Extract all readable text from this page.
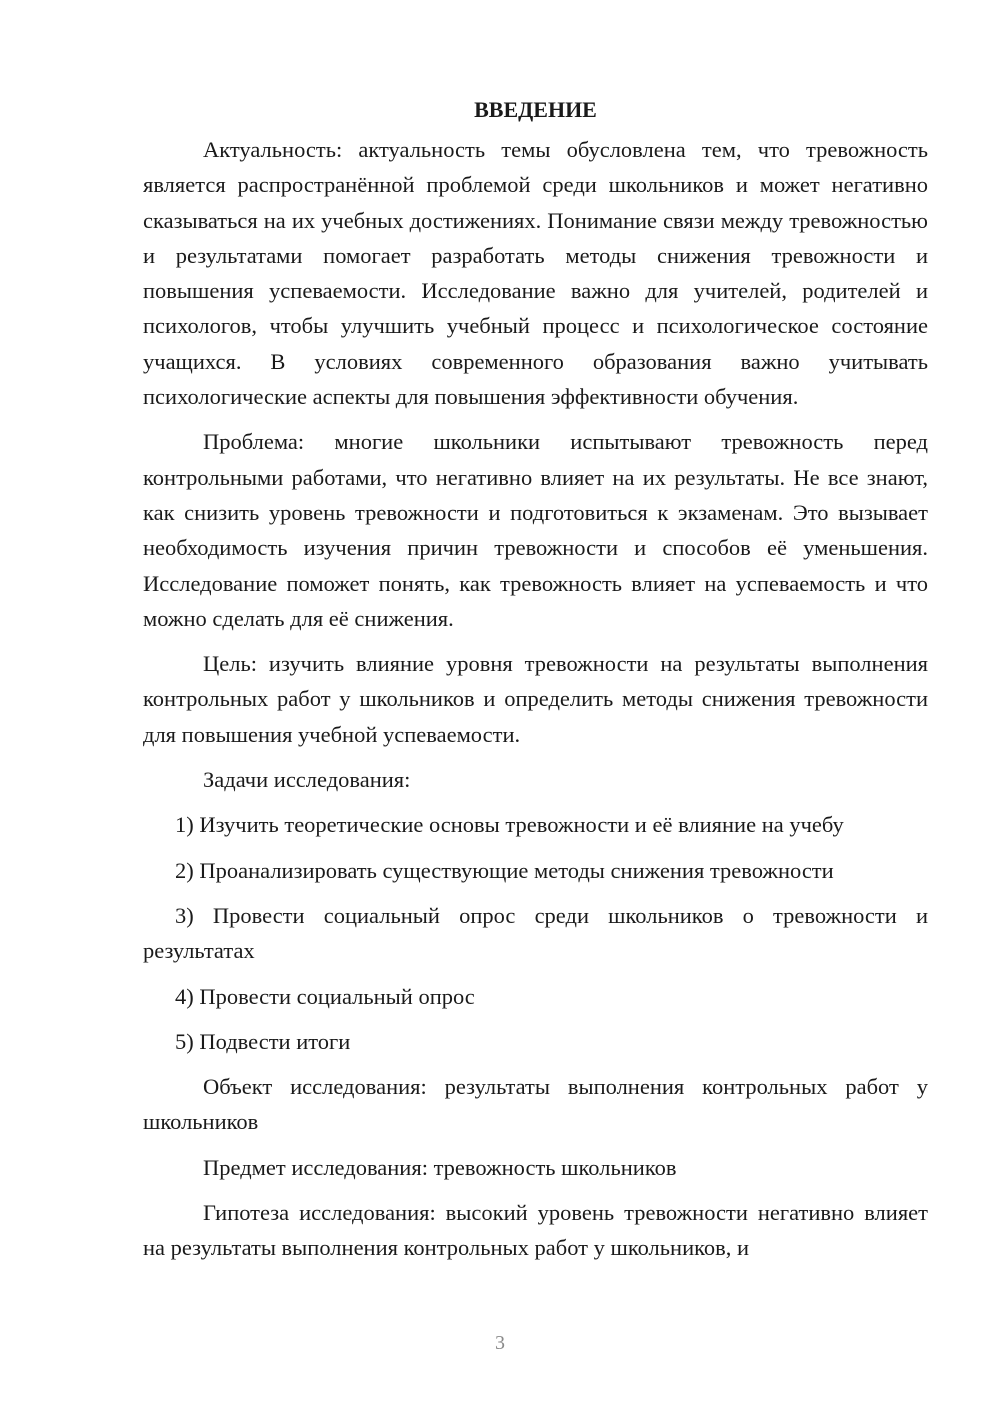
ВВЕДЕНИЕ

Актуальность: актуальность темы обусловлена тем, что тревожность является распространённой проблемой среди школьников и может негативно сказываться на их учебных достижениях. Понимание связи между тревожностью и результатами помогает разработать методы снижения тревожности и повышения успеваемости. Исследование важно для учителей, родителей и психологов, чтобы улучшить учебный процесс и психологическое состояние учащихся. В условиях современного образования важно учитывать психологические аспекты для повышения эффективности обучения.

Проблема: многие школьники испытывают тревожность перед контрольными работами, что негативно влияет на их результаты. Не все знают, как снизить уровень тревожности и подготовиться к экзаменам. Это вызывает необходимость изучения причин тревожности и способов её уменьшения. Исследование поможет понять, как тревожность влияет на успеваемость и что можно сделать для её снижения.

Цель: изучить влияние уровня тревожности на результаты выполнения контрольных работ у школьников и определить методы снижения тревожности для повышения учебной успеваемости.

Задачи исследования:

1) Изучить теоретические основы тревожности и её влияние на учебу

2) Проанализировать существующие методы снижения тревожности

3) Провести социальный опрос среди школьников о тревожности и результатах

4) Провести социальный опрос

5) Подвести итоги

Объект исследования: результаты выполнения контрольных работ у школьников

Предмет исследования: тревожность школьников

Гипотеза исследования: высокий уровень тревожности негативно влияет на результаты выполнения контрольных работ у школьников, и

3
